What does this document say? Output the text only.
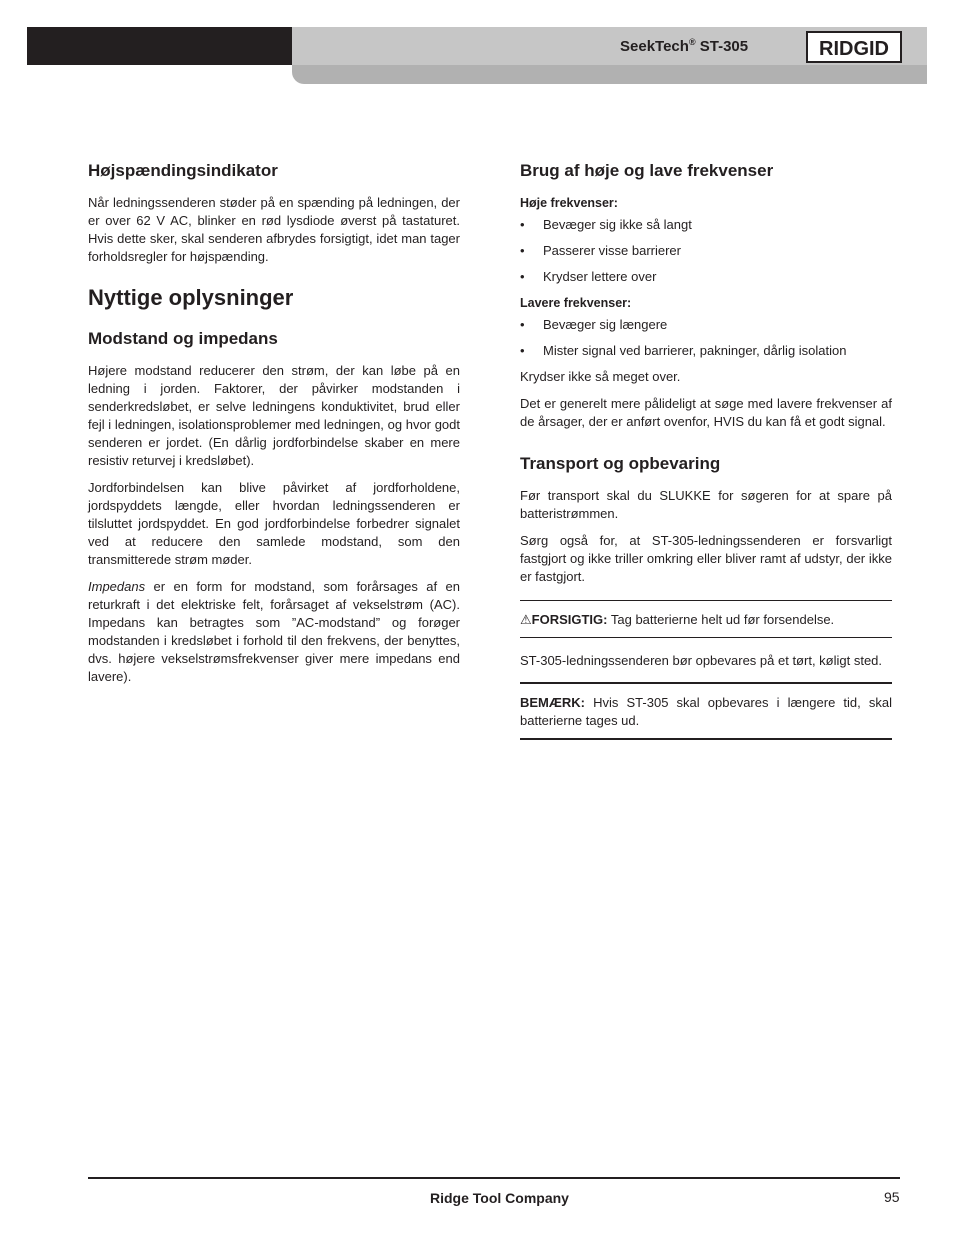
SeekTech® ST-305	RIDGID
Højspændingsindikator

Når ledningssenderen støder på en spænding på ledningen, der er over 62 V AC, blinker en rød lysdiode øverst på tastaturet. Hvis dette sker, skal senderen afbrydes forsigtigt, idet man tager forholdsregler for højspænding.

Nyttige oplysninger
Modstand og impedans

Højere modstand reducerer den strøm, der kan løbe på en ledning i jorden. Faktorer, der påvirker modstanden i senderkredsløbet, er selve ledningens konduktivitet, brud eller fejl i ledningen, isolationsproblemer med ledningen, og hvor godt senderen er jordet. (En dårlig jordforbindelse skaber en mere resistiv returvej i kredsløbet).

Jordforbindelsen kan blive påvirket af jordforholdene, jordspyddets længde, eller hvordan ledningssenderen er tilsluttet jordspyddet. En god jordforbindelse forbedrer signalet ved at reducere den samlede modstand, som den transmitterede strøm møder.

Impedans er en form for modstand, som forårsages af en returkraft i det elektriske felt, forårsaget af vekselstrøm (AC). Impedans kan betragtes som ”AC-modstand” og forøger modstanden i kredsløbet i forhold til den frekvens, der benyttes, dvs. højere vekselstrømsfrekvenser giver mere impedans end lavere).

Brug af høje og lave frekvenser
Høje frekvenser:
• Bevæger sig ikke så langt
• Passerer visse barrierer
• Krydser lettere over
Lavere frekvenser:
• Bevæger sig længere
• Mister signal ved barrierer, pakninger, dårlig isolation

Krydser ikke så meget over.

Det er generelt mere pålideligt at søge med lavere frekvenser af de årsager, der er anført ovenfor, HVIS du kan få et godt signal.

Transport og opbevaring

Før transport skal du SLUKKE for søgeren for at spare på batteristrømmen.

Sørg også for, at ST-305-ledningssenderen er forsvarligt fastgjort og ikke triller omkring eller bliver ramt af udstyr, der ikke er fastgjort.

⚠FORSIGTIG: Tag batterierne helt ud før forsendelse.

ST-305-ledningssenderen bør opbevares på et tørt, køligt sted.

BEMÆRK: Hvis ST-305 skal opbevares i længere tid, skal batterierne tages ud.

Ridge Tool Company	95
